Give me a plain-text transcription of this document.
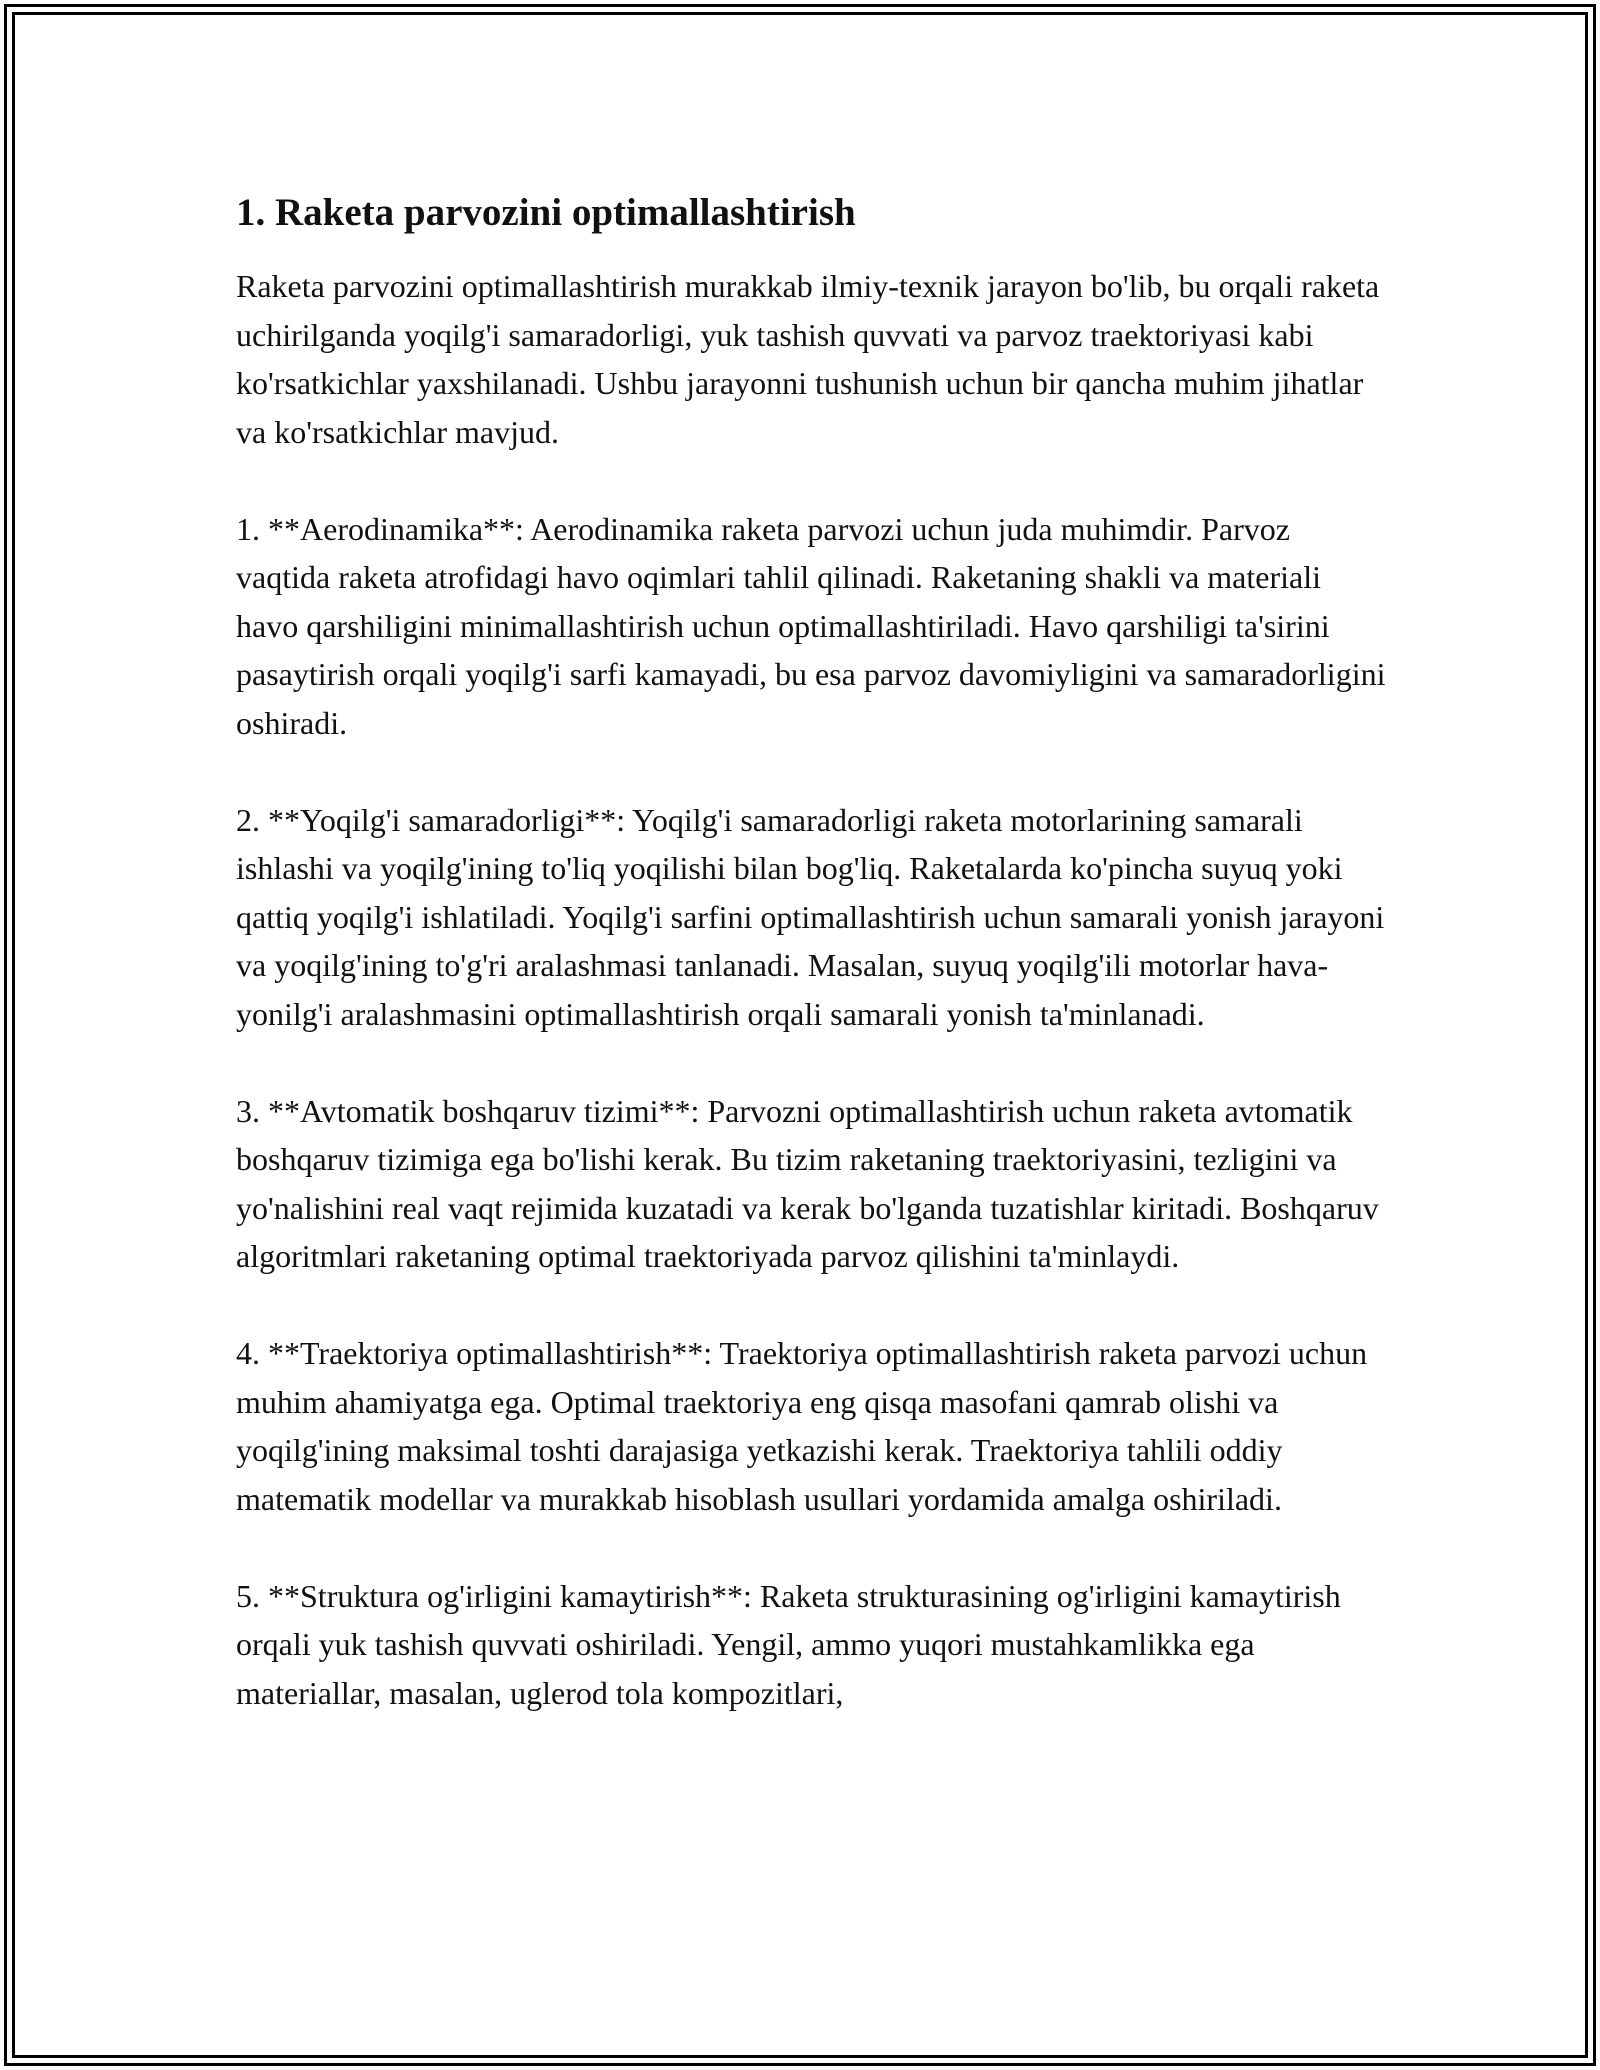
1. Raketa parvozini optimallashtirish

Raketa parvozini optimallashtirish murakkab ilmiy-texnik jarayon bo'lib, bu orqali raketa uchirilganda yoqilg'i samaradorligi, yuk tashish quvvati va parvoz traektoriyasi kabi ko'rsatkichlar yaxshilanadi. Ushbu jarayonni tushunish uchun bir qancha muhim jihatlar va ko'rsatkichlar mavjud.

1. **Aerodinamika**: Aerodinamika raketa parvozi uchun juda muhimdir. Parvoz vaqtida raketa atrofidagi havo oqimlari tahlil qilinadi. Raketaning shakli va materiali havo qarshiligini minimallashtirish uchun optimallashtiriladi. Havo qarshiligi ta'sirini pasaytirish orqali yoqilg'i sarfi kamayadi, bu esa parvoz davomiyligini va samaradorligini oshiradi.

2. **Yoqilg'i samaradorligi**: Yoqilg'i samaradorligi raketa motorlarining samarali ishlashi va yoqilg'ining to'liq yoqilishi bilan bog'liq. Raketalarda ko'pincha suyuq yoki qattiq yoqilg'i ishlatiladi. Yoqilg'i sarfini optimallashtirish uchun samarali yonish jarayoni va yoqilg'ining to'g'ri aralashmasi tanlanadi. Masalan, suyuq yoqilg'ili motorlar hava-yonilg'i aralashmasini optimallashtirish orqali samarali yonish ta'minlanadi.

3. **Avtomatik boshqaruv tizimi**: Parvozni optimallashtirish uchun raketa avtomatik boshqaruv tizimiga ega bo'lishi kerak. Bu tizim raketaning traektoriyasini, tezligini va yo'nalishini real vaqt rejimida kuzatadi va kerak bo'lganda tuzatishlar kiritadi. Boshqaruv algoritmlari raketaning optimal traektoriyada parvoz qilishini ta'minlaydi.

4. **Traektoriya optimallashtirish**: Traektoriya optimallashtirish raketa parvozi uchun muhim ahamiyatga ega. Optimal traektoriya eng qisqa masofani qamrab olishi va yoqilg'ining maksimal toshti darajasiga yetkazishi kerak. Traektoriya tahlili oddiy matematik modellar va murakkab hisoblash usullari yordamida amalga oshiriladi.

5. **Struktura og'irligini kamaytirish**: Raketa strukturasining og'irligini kamaytirish orqali yuk tashish quvvati oshiriladi. Yengil, ammo yuqori mustahkamlikka ega materiallar, masalan, uglerod tola kompozitlari,
